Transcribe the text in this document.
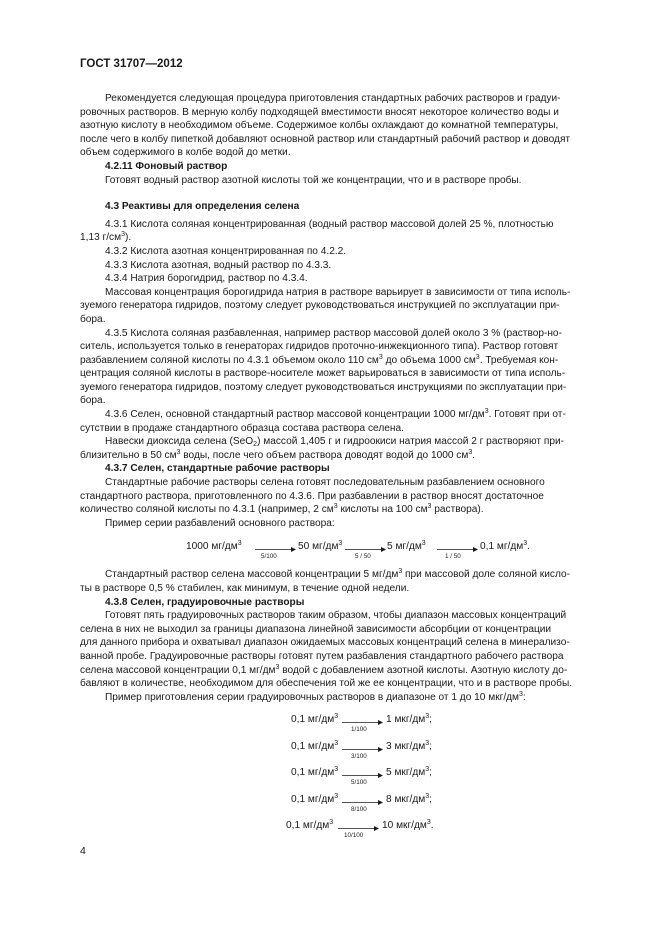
ГОСТ 31707—2012

Рекомендуется следующая процедура приготовления стандартных рабочих растворов и градуи-
ровочных растворов. В мерную колбу подходящей вместимости вносят некоторое количество воды и
азотную кислоту в необходимом объеме. Содержимое колбы охлаждают до комнатной температуры,
после чего в колбу пипеткой добавляют основной раствор или стандартный рабочий раствор и доводят
объем содержимого в колбе водой до метки.

4.2.11 Фоновый раствор

Готовят водный раствор азотной кислоты той же концентрации, что и в растворе пробы.

4.3 Реактивы для определения селена

4.3.1 Кислота соляная концентрированная (водный раствор массовой долей 25 %, плотностью
1,13 $г/см^3$).

4.3.2 Кислота азотная концентрированная по 4.2.2.

4.3.3 Кислота азотная, водный раствор по 4.3.3.

4.3.4 Натрия борогидрид, раствор по 4.3.4.

Массовая концентрация борогидрида натрия в растворе варьирует в зависимости от типа исполь-
зуемого генератора гидридов, поэтому следует руководствоваться инструкцией по эксплуатации при-
бора.

4.3.5 Кислота соляная разбавленная, например раствор массовой долей около 3 % (раствор-но-
ситель, используется только в генераторах гидридов проточно-инжекционного типа). Раствор готовят
разбавлением соляной кислоты по 4.3.1 объемом около 110 $см^3$ до объема 1000 $см^3$. Требуемая кон-
центрация соляной кислоты в растворе-носителе может варьироваться в зависимости от типа исполь-
зуемого генератора гидридов, поэтому следует руководствоваться инструкциями по эксплуатации при-
бора.

4.3.6 Селен, основной стандартный раствор массовой концентрации 1000 $мг/дм^3$. Готовят при от-
сутствии в продаже стандартного образца состава раствора селена.

Навески диоксида селена (SeO$_2$) массой 1,405 г и гидроокиси натрия массой 2 г растворяют при-
близительно в 50 $см^3$ воды, после чего объем раствора доводят водой до 1000 $см^3$.

4.3.7 Селен, стандартные рабочие растворы

Стандартные рабочие растворы селена готовят последовательным разбавлением основного
стандартного раствора, приготовленного по 4.3.6. При разбавлении в раствор вносят достаточное
количество соляной кислоты по 4.3.1 (например, 2 $см^3$ кислоты на 100 $см^3$ раствора).

Пример серии разбавлений основного раствора:

1000 $мг/дм^3$
5/100
50 $мг/дм^3$
5 / 50
5 $мг/дм^3$
1 / 50
0,1 $мг/дм^3$.

Стандартный раствор селена массовой концентрации 5 $мг/дм^3$ при массовой доле соляной кисло-
ты в растворе 0,5 % стабилен, как минимум, в течение одной недели.

4.3.8 Селен, градуировочные растворы

Готовят пять градуировочных растворов таким образом, чтобы диапазон массовых концентраций
селена в них не выходил за границы диапазона линейной зависимости абсорбции от концентрации
для данного прибора и охватывал диапазон ожидаемых массовых концентраций селена в минерализо-
ванной пробе. Градуировочные растворы готовят путем разбавления стандартного рабочего раствора
селена массовой концентрации 0,1 $мг/дм^3$ водой с добавлением азотной кислоты. Азотную кислоту до-
бавляют в количестве, необходимом для обеспечения той же ее концентрации, что и в растворе пробы.

Пример приготовления серии градуировочных растворов в диапазоне от 1 до 10 мкг/$дм^3$:

0,1 $мг/дм^3$
1/100
1 мкг/$дм^3$;
0,1 $мг/дм^3$
3/100
3 мкг/$дм^3$;
0,1 $мг/дм^3$
5/100
5 мкг/$дм^3$;
0,1 $мг/дм^3$
8/100
8 мкг/$дм^3$;
0,1 $мг/дм^3$
10/100
10 мкг/$дм^3$.
4
